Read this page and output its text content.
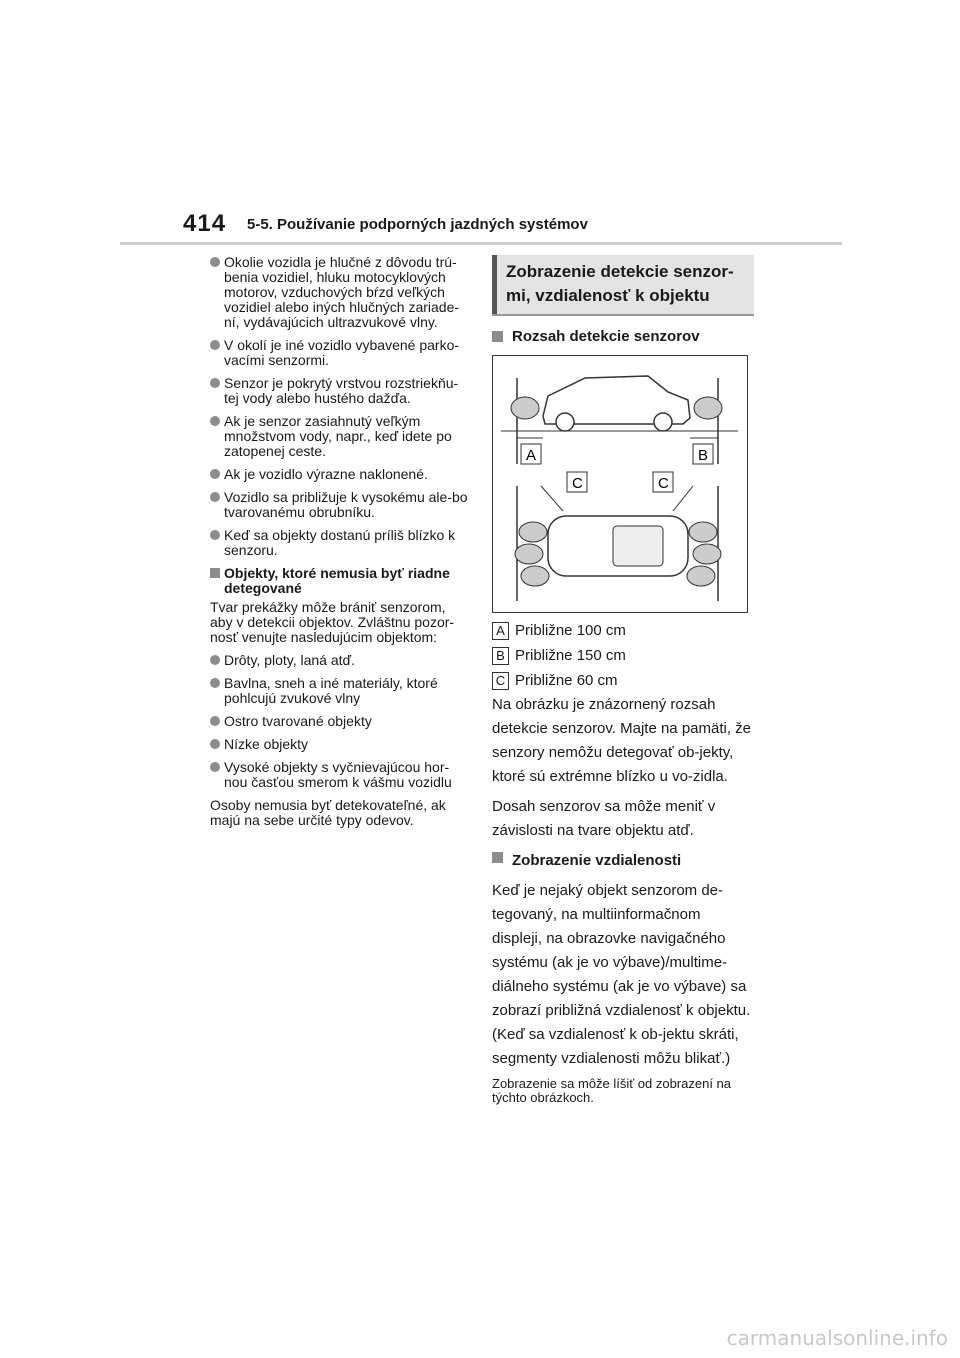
414 5-5. Používanie podporných jazdných systémov
Okolie vozidla je hlučné z dôvodu trú-benia vozidiel, hluku motocyklových motorov, vzduchových bŕzd veľkých vozidiel alebo iných hlučných zariade-ní, vydávajúcich ultrazvukové vlny.
V okolí je iné vozidlo vybavené parko-vacími senzormi.
Senzor je pokrytý vrstvou rozstriekňu-tej vody alebo hustého dažďa.
Ak je senzor zasiahnutý veľkým množstvom vody, napr., keď idete po zatopenej ceste.
Ak je vozidlo výrazne naklonené.
Vozidlo sa približuje k vysokému ale-bo tvarovanému obrubníku.
Keď sa objekty dostanú príliš blízko k senzoru.
Objekty, ktoré nemusia byť riadne detegované

Tvar prekážky môže brániť senzorom, aby v detekcii objektov. Zvláštnu pozor-nosť venujte nasledujúcim objektom:

Drôty, ploty, laná atď.
Bavlna, sneh a iné materiály, ktoré pohlcujú zvukové vlny
Ostro tvarované objekty
Nízke objekty
Vysoké objekty s vyčnievajúcou hor-nou časťou smerom k vášmu vozidlu

Osoby nemusia byť detekovateľné, ak majú na sebe určité typy odevov.

Zobrazenie detekcie senzor-mi, vzdialenosť k objektu
Rozsah detekcie senzorov
A	B
C	C
A Približne 100 cm
B Približne 150 cm
C Približne 60 cm

Na obrázku je znázornený rozsah detekcie senzorov. Majte na pamäti, že senzory nemôžu detegovať ob-jekty, ktoré sú extrémne blízko u vo-zidla.

Dosah senzorov sa môže meniť v závislosti na tvare objektu atď.

Zobrazenie vzdialenosti

Keď je nejaký objekt senzorom de-tegovaný, na multiinformačnom displeji, na obrazovke navigačného systému (ak je vo výbave)/multime-diálneho systému (ak je vo výbave) sa zobrazí približná vzdialenosť k objektu. (Keď sa vzdialenosť k ob-jektu skráti, segmenty vzdialenosti môžu blikať.)

Zobrazenie sa môže líšiť od zobrazení na týchto obrázkoch.
carmanualsonline.info
